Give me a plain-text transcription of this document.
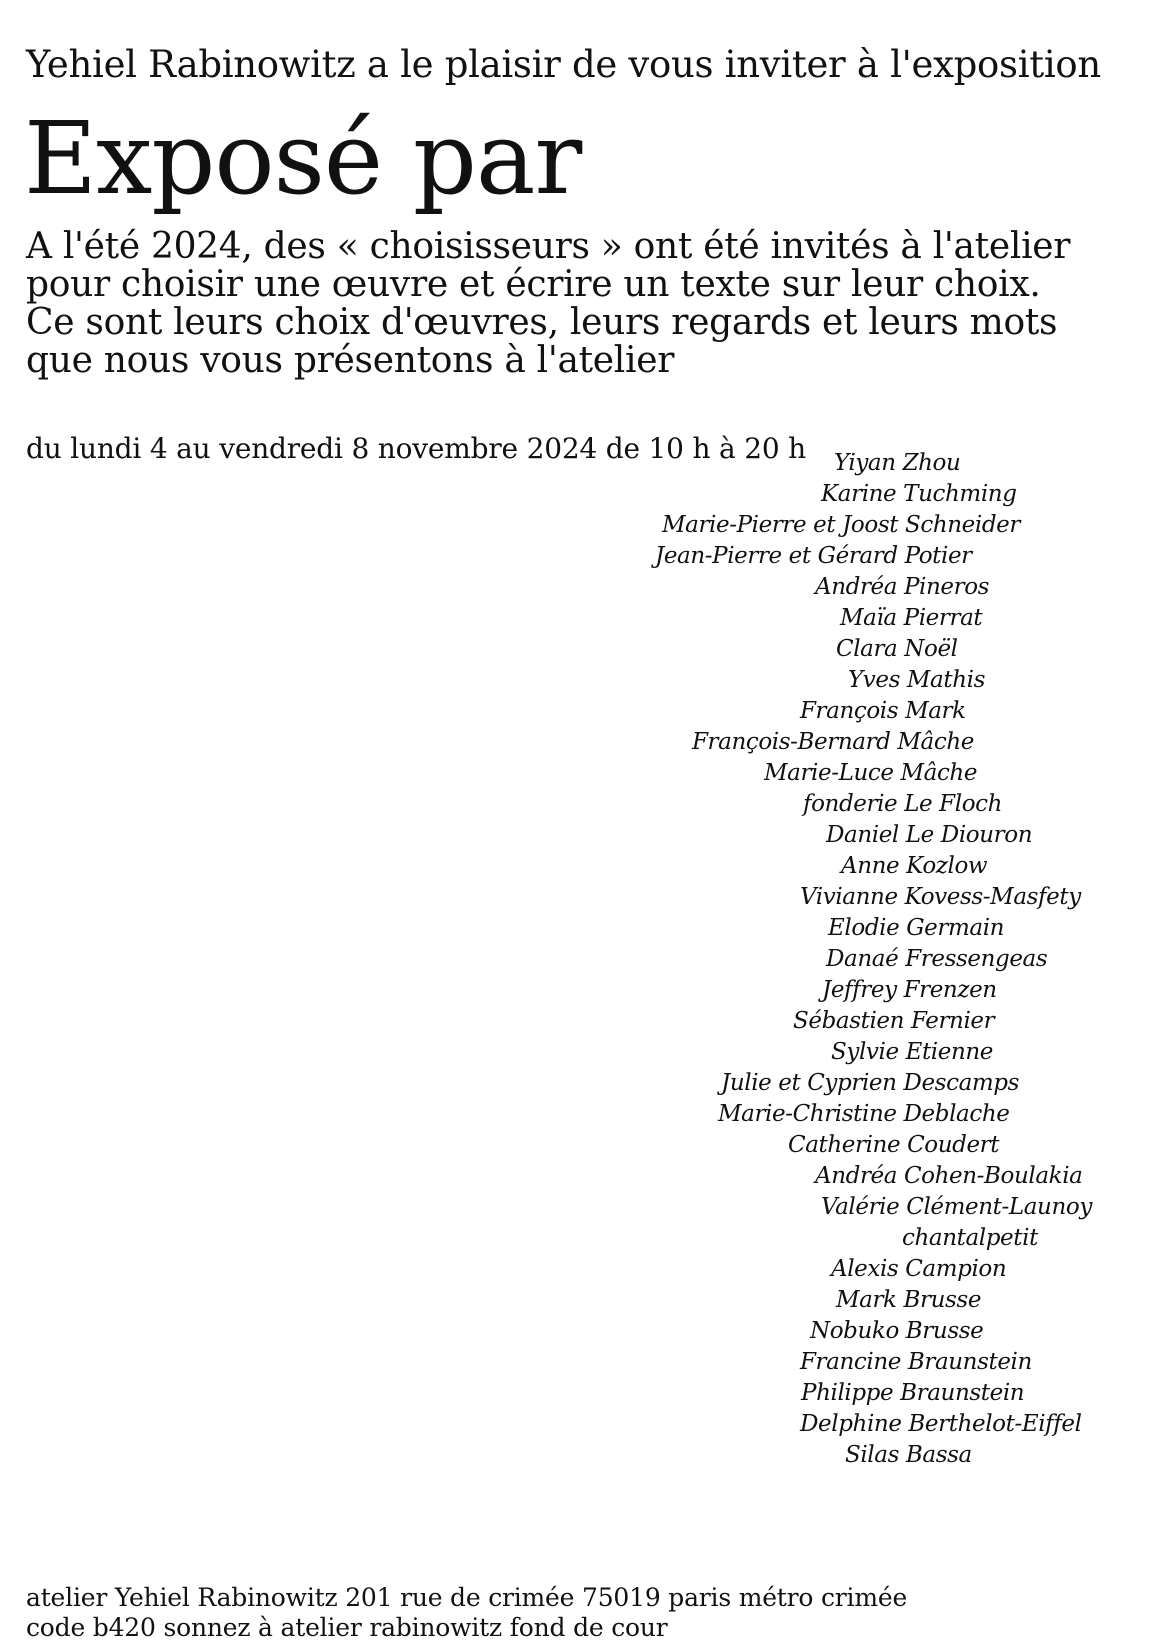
Yehiel Rabinowitz a le plaisir de vous inviter à l'exposition
Exposé par
A l'été 2024, des « choisisseurs » ont été invités à l'atelier
pour choisir une œuvre et écrire un texte sur leur choix.
Ce sont leurs choix d'œuvres, leurs regards et leurs mots
que nous vous présentons à l'atelier
du lundi 4 au vendredi 8 novembre 2024 de 10 h à 20 h Yiyan Zhou
Karine Tuchming
Marie-Pierre et Joost Schneider
Jean-Pierre et Gérard Potier
Andréa Pineros
Maïa Pierrat
Clara Noël
Yves Mathis
François Mark
François-Bernard Mâche
Marie-Luce Mâche
fonderie Le Floch
Daniel Le Diouron
Anne Kozlow
Vivianne Kovess-Masfety
Elodie Germain
Danaé Fressengeas
Jeffrey Frenzen
Sébastien Fernier
Sylvie Etienne
Julie et Cyprien Descamps
Marie-Christine Deblache
Catherine Coudert
Andréa Cohen-Boulakia
Valérie Clément-Launoy
chantalpetit
Alexis Campion
Mark Brusse
Nobuko Brusse
Francine Braunstein
Philippe Braunstein
Delphine Berthelot-Eiffel
Silas Bassa
atelier Yehiel Rabinowitz 201 rue de crimée 75019 paris métro crimée
code b420 sonnez à atelier rabinowitz fond de cour
